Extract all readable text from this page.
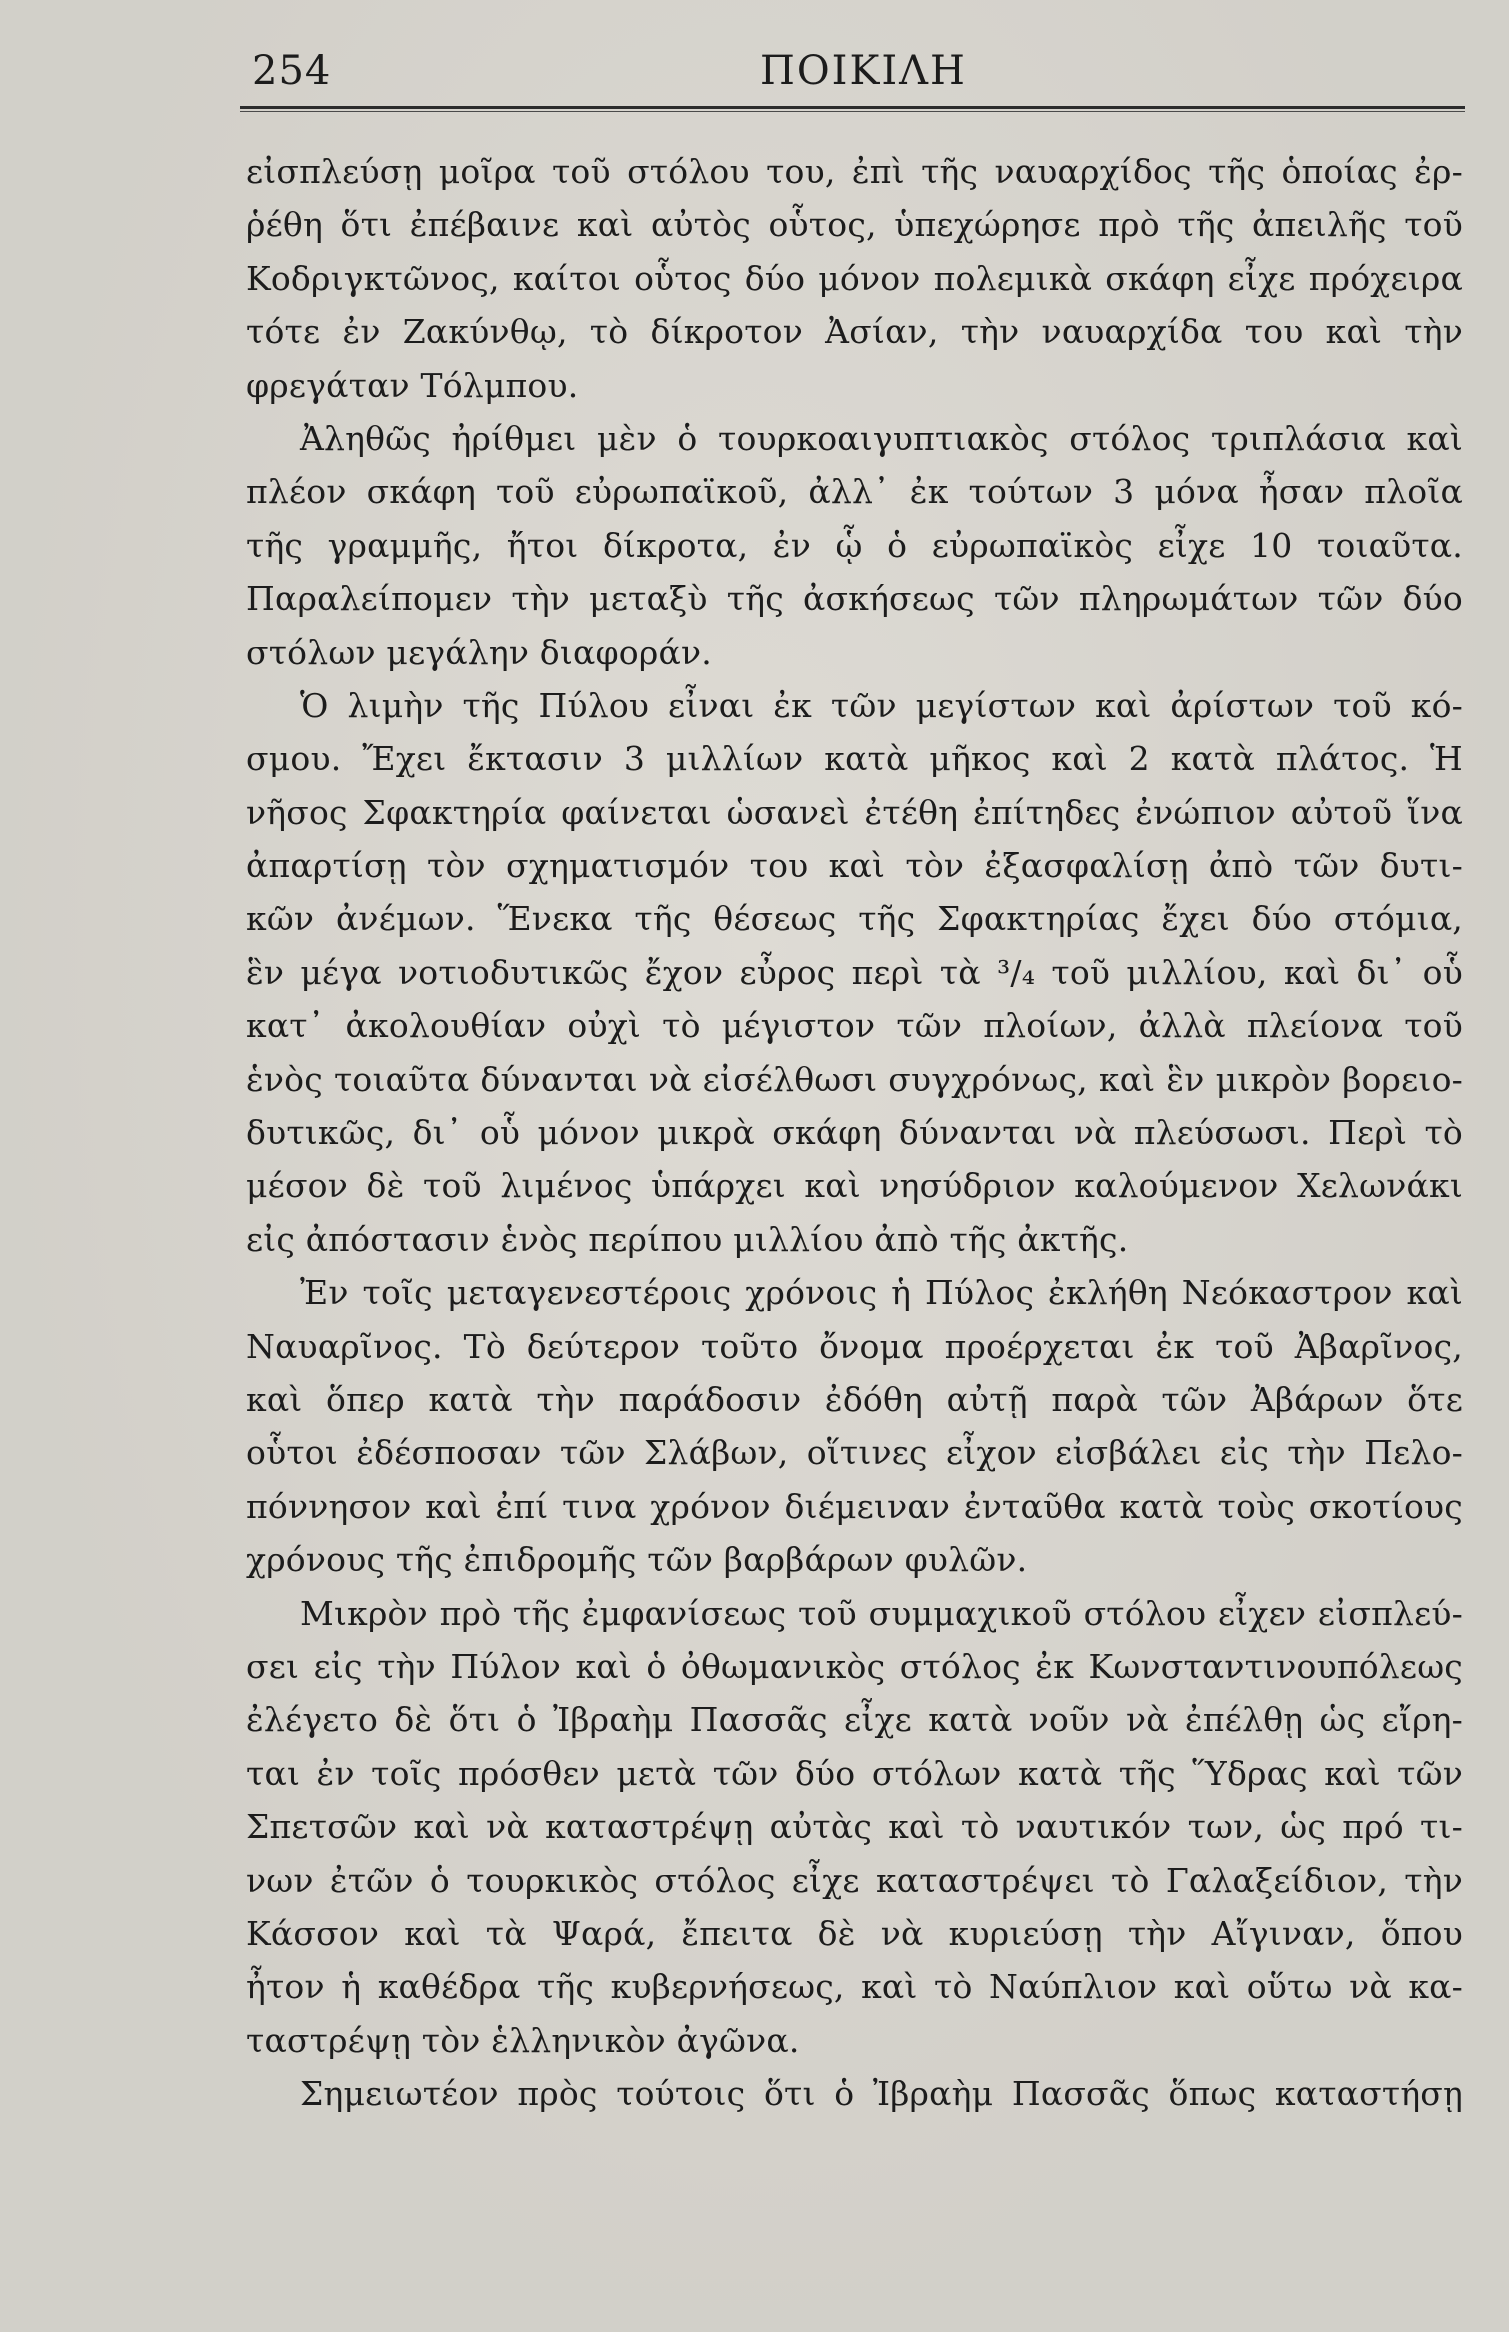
254	ΠΟΙΚΙΛΗ
εἰσπλεύσῃ μοῖρα τοῦ στόλου του, ἐπὶ τῆς ναυαρχίδος τῆς ὁποίας ἐρ-
ῥέθη ὅτι ἐπέβαινε καὶ αὐτὸς οὗτος, ὑπεχώρησε πρὸ τῆς ἀπειλῆς τοῦ
Κοδριγκτῶνος, καίτοι οὗτος δύο μόνον πολεμικὰ σκάφη εἶχε πρόχειρα
τότε ἐν Ζακύνθῳ, τὸ δίκροτον Ἀσίαν, τὴν ναυαρχίδα του καὶ τὴν
φρεγάταν Τόλμπου.
Ἀληθῶς ἠρίθμει μὲν ὁ τουρκοαιγυπτιακὸς στόλος τριπλάσια καὶ
πλέον σκάφη τοῦ εὐρωπαϊκοῦ, ἀλλ᾽ ἐκ τούτων 3 μόνα ἦσαν πλοῖα
τῆς γραμμῆς, ἤτοι δίκροτα, ἐν ᾧ ὁ εὐρωπαϊκὸς εἶχε 10 τοιαῦτα.
Παραλείπομεν τὴν μεταξὺ τῆς ἀσκήσεως τῶν πληρωμάτων τῶν δύο
στόλων μεγάλην διαφοράν.
Ὁ λιμὴν τῆς Πύλου εἶναι ἐκ τῶν μεγίστων καὶ ἀρίστων τοῦ κό-
σμου. Ἔχει ἔκτασιν 3 μιλλίων κατὰ μῆκος καὶ 2 κατὰ πλάτος. Ἡ
νῆσος Σφακτηρία φαίνεται ὡσανεὶ ἐτέθη ἐπίτηδες ἐνώπιον αὐτοῦ ἵνα
ἀπαρτίσῃ τὸν σχηματισμόν του καὶ τὸν ἐξασφαλίσῃ ἀπὸ τῶν δυτι-
κῶν ἀνέμων. Ἕνεκα τῆς θέσεως τῆς Σφακτηρίας ἔχει δύο στόμια,
ἓν μέγα νοτιοδυτικῶς ἔχον εὖρος περὶ τὰ ³/₄ τοῦ μιλλίου, καὶ δι᾽ οὗ
κατ᾽ ἀκολουθίαν οὐχὶ τὸ μέγιστον τῶν πλοίων, ἀλλὰ πλείονα τοῦ
ἑνὸς τοιαῦτα δύνανται νὰ εἰσέλθωσι συγχρόνως, καὶ ἓν μικρὸν βορειο-
δυτικῶς, δι᾽ οὗ μόνον μικρὰ σκάφη δύνανται νὰ πλεύσωσι. Περὶ τὸ
μέσον δὲ τοῦ λιμένος ὑπάρχει καὶ νησύδριον καλούμενον Χελωνάκι
εἰς ἀπόστασιν ἑνὸς περίπου μιλλίου ἀπὸ τῆς ἀκτῆς.
Ἐν τοῖς μεταγενεστέροις χρόνοις ἡ Πύλος ἐκλήθη Νεόκαστρον καὶ
Ναυαρῖνος. Τὸ δεύτερον τοῦτο ὄνομα προέρχεται ἐκ τοῦ Ἀβαρῖνος,
καὶ ὅπερ κατὰ τὴν παράδοσιν ἐδόθη αὐτῇ παρὰ τῶν Ἀβάρων ὅτε
οὗτοι ἐδέσποσαν τῶν Σλάβων, οἵτινες εἶχον εἰσβάλει εἰς τὴν Πελο-
πόννησον καὶ ἐπί τινα χρόνον διέμειναν ἐνταῦθα κατὰ τοὺς σκοτίους
χρόνους τῆς ἐπιδρομῆς τῶν βαρβάρων φυλῶν.
Μικρὸν πρὸ τῆς ἐμφανίσεως τοῦ συμμαχικοῦ στόλου εἶχεν εἰσπλεύ-
σει εἰς τὴν Πύλον καὶ ὁ ὀθωμανικὸς στόλος ἐκ Κωνσταντινουπόλεως
ἐλέγετο δὲ ὅτι ὁ Ἰβραὴμ Πασσᾶς εἶχε κατὰ νοῦν νὰ ἐπέλθῃ ὡς εἴρη-
ται ἐν τοῖς πρόσθεν μετὰ τῶν δύο στόλων κατὰ τῆς Ὕδρας καὶ τῶν
Σπετσῶν καὶ νὰ καταστρέψῃ αὐτὰς καὶ τὸ ναυτικόν των, ὡς πρό τι-
νων ἐτῶν ὁ τουρκικὸς στόλος εἶχε καταστρέψει τὸ Γαλαξείδιον, τὴν
Κάσσον καὶ τὰ Ψαρά, ἔπειτα δὲ νὰ κυριεύσῃ τὴν Αἴγιναν, ὅπου
ἦτον ἡ καθέδρα τῆς κυβερνήσεως, καὶ τὸ Ναύπλιον καὶ οὕτω νὰ κα-
ταστρέψῃ τὸν ἑλληνικὸν ἀγῶνα.
Σημειωτέον πρὸς τούτοις ὅτι ὁ Ἰβραὴμ Πασσᾶς ὅπως καταστήσῃ
